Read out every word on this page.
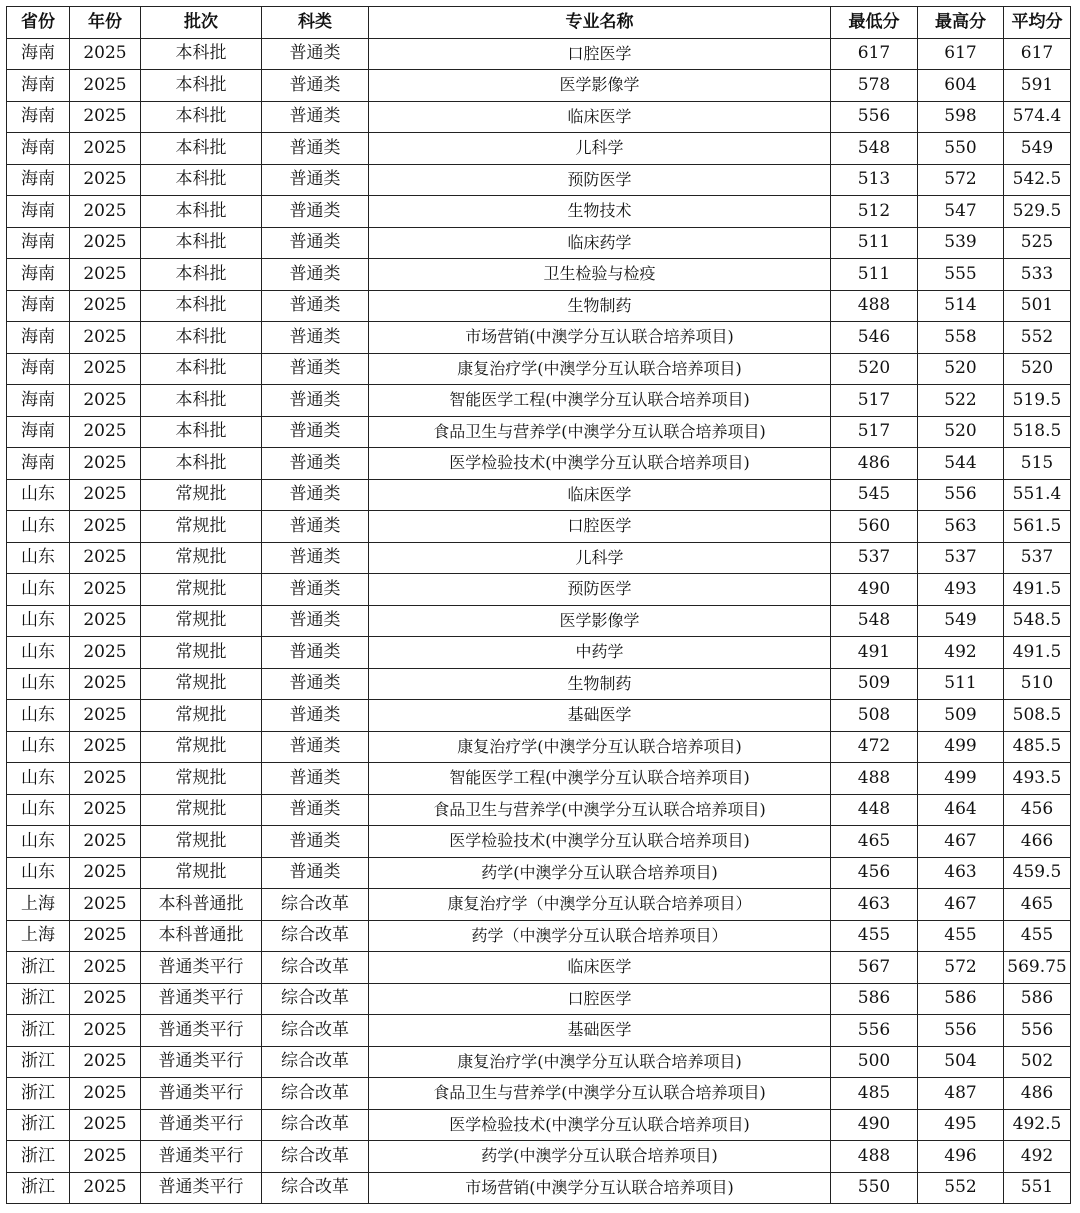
省份	年份	批次	科类	专业名称	最低分	最高分	平均分
海南	2025	本科批	普通类	口腔医学	617	617	617
海南	2025	本科批	普通类	医学影像学	578	604	591
海南	2025	本科批	普通类	临床医学	556	598	574.4
海南	2025	本科批	普通类	儿科学	548	550	549
海南	2025	本科批	普通类	预防医学	513	572	542.5
海南	2025	本科批	普通类	生物技术	512	547	529.5
海南	2025	本科批	普通类	临床药学	511	539	525
海南	2025	本科批	普通类	卫生检验与检疫	511	555	533
海南	2025	本科批	普通类	生物制药	488	514	501
海南	2025	本科批	普通类	市场营销(中澳学分互认联合培养项目)	546	558	552
海南	2025	本科批	普通类	康复治疗学(中澳学分互认联合培养项目)	520	520	520
海南	2025	本科批	普通类	智能医学工程(中澳学分互认联合培养项目)	517	522	519.5
海南	2025	本科批	普通类	食品卫生与营养学(中澳学分互认联合培养项目)	517	520	518.5
海南	2025	本科批	普通类	医学检验技术(中澳学分互认联合培养项目)	486	544	515
山东	2025	常规批	普通类	临床医学	545	556	551.4
山东	2025	常规批	普通类	口腔医学	560	563	561.5
山东	2025	常规批	普通类	儿科学	537	537	537
山东	2025	常规批	普通类	预防医学	490	493	491.5
山东	2025	常规批	普通类	医学影像学	548	549	548.5
山东	2025	常规批	普通类	中药学	491	492	491.5
山东	2025	常规批	普通类	生物制药	509	511	510
山东	2025	常规批	普通类	基础医学	508	509	508.5
山东	2025	常规批	普通类	康复治疗学(中澳学分互认联合培养项目)	472	499	485.5
山东	2025	常规批	普通类	智能医学工程(中澳学分互认联合培养项目)	488	499	493.5
山东	2025	常规批	普通类	食品卫生与营养学(中澳学分互认联合培养项目)	448	464	456
山东	2025	常规批	普通类	医学检验技术(中澳学分互认联合培养项目)	465	467	466
山东	2025	常规批	普通类	药学(中澳学分互认联合培养项目)	456	463	459.5
上海	2025	本科普通批	综合改革	康复治疗学（中澳学分互认联合培养项目）	463	467	465
上海	2025	本科普通批	综合改革	药学（中澳学分互认联合培养项目）	455	455	455
浙江	2025	普通类平行	综合改革	临床医学	567	572	569.75
浙江	2025	普通类平行	综合改革	口腔医学	586	586	586
浙江	2025	普通类平行	综合改革	基础医学	556	556	556
浙江	2025	普通类平行	综合改革	康复治疗学(中澳学分互认联合培养项目)	500	504	502
浙江	2025	普通类平行	综合改革	食品卫生与营养学(中澳学分互认联合培养项目)	485	487	486
浙江	2025	普通类平行	综合改革	医学检验技术(中澳学分互认联合培养项目)	490	495	492.5
浙江	2025	普通类平行	综合改革	药学(中澳学分互认联合培养项目)	488	496	492
浙江	2025	普通类平行	综合改革	市场营销(中澳学分互认联合培养项目)	550	552	551
